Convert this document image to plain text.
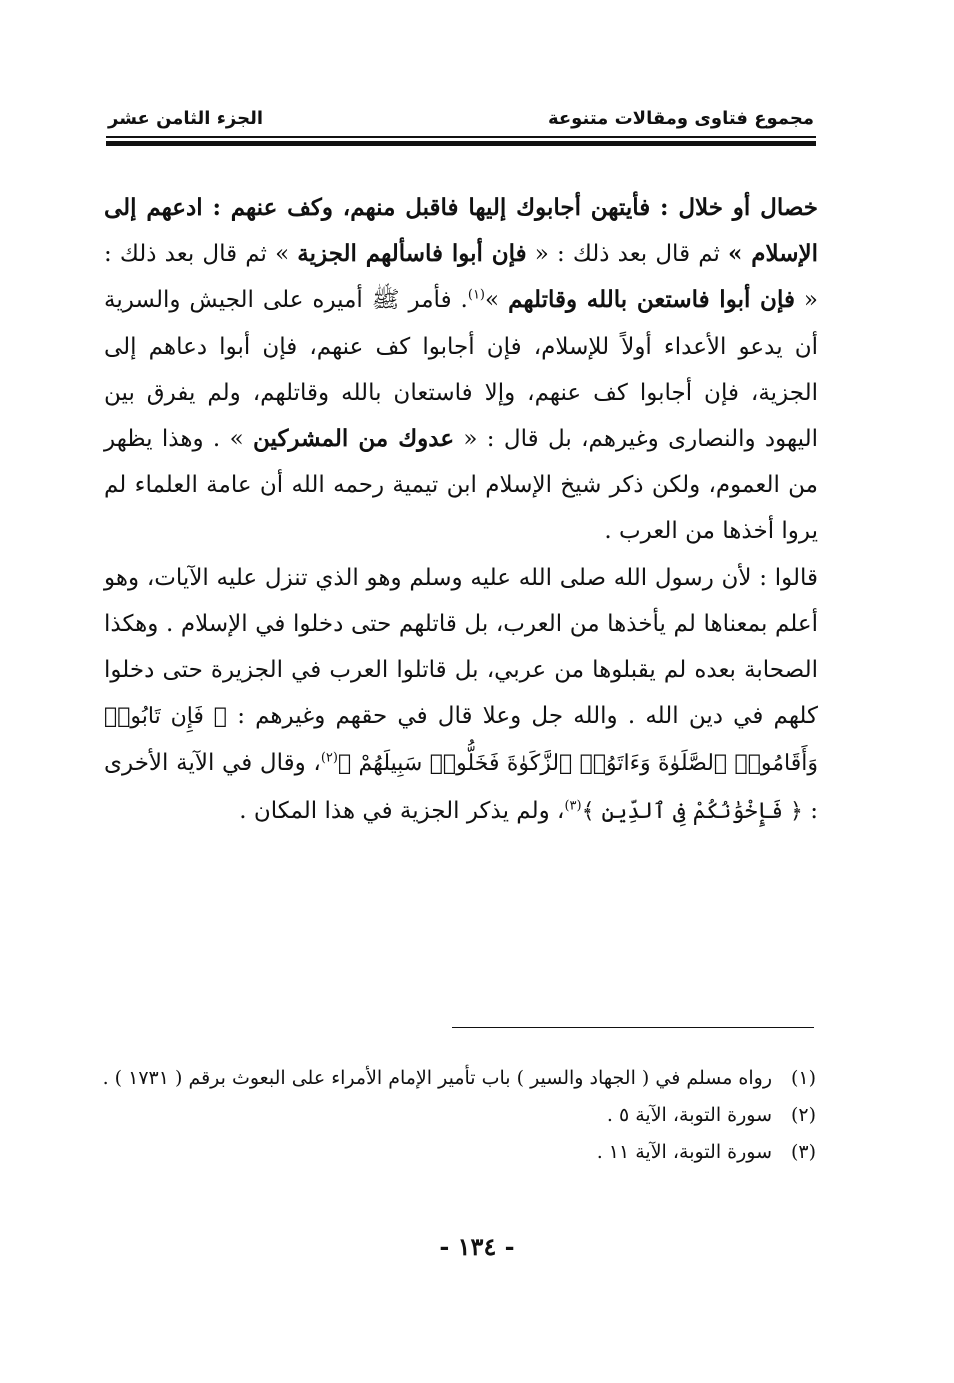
مجموع فتاوى ومقالات متنوعة
الجزء الثامن عشر

خصال أو خلال : فأيتهن أجابوك إليها فاقبل منهم، وكف عنهم : ادعهم إلى الإسلام » ثم قال بعد ذلك : « فإن أبوا فاسألهم الجزية » ثم قال بعد ذلك : « فإن أبوا فاستعن بالله وقاتلهم »$^{(١)}$. فأمر ﷺ أميره على الجيش والسرية أن يدعو الأعداء أولاً للإسلام، فإن أجابوا كف عنهم، فإن أبوا دعاهم إلى الجزية، فإن أجابوا كف عنهم، وإلا فاستعان بالله وقاتلهم، ولم يفرق بين اليهود والنصارى وغيرهم، بل قال : « عدوك من المشركين » . وهذا يظهر من العموم، ولكن ذكر شيخ الإسلام ابن تيمية رحمه الله أن عامة العلماء لم يروا أخذها من العرب .

قالوا : لأن رسول الله صلى الله عليه وسلم وهو الذي تنزل عليه الآيات، وهو أعلم بمعناها لم يأخذها من العرب، بل قاتلهم حتى دخلوا في الإسلام . وهكذا الصحابة بعده لم يقبلوها من عربي، بل قاتلوا العرب في الجزيرة حتى دخلوا كلهم في دين الله . والله جل وعلا قال في حقهم وغيرهم : ﴿ فَإِن تَابُوا۟ وَأَقَامُوا۟ ٱلصَّلَوٰةَ وَءَاتَوُا۟ ٱلزَّكَوٰةَ فَخَلُّوا۟ سَبِيلَهُمْ ﴾$^{(٢)}$، وقال في الآية الأخرى : ﴿ فَإِخْوَٰنُكُمْ فِى ٱلدِّينِ ﴾$^{(٣)}$، ولم يذكر الجزية في هذا المكان .

(١)
رواه مسلم في ( الجهاد والسير ) باب تأمير الإمام الأمراء على البعوث برقم ( ١٧٣١ ) .
(٢)
سورة التوبة، الآية ٥ .
(٣)
سورة التوبة، الآية ١١ .
- ١٣٤ -
